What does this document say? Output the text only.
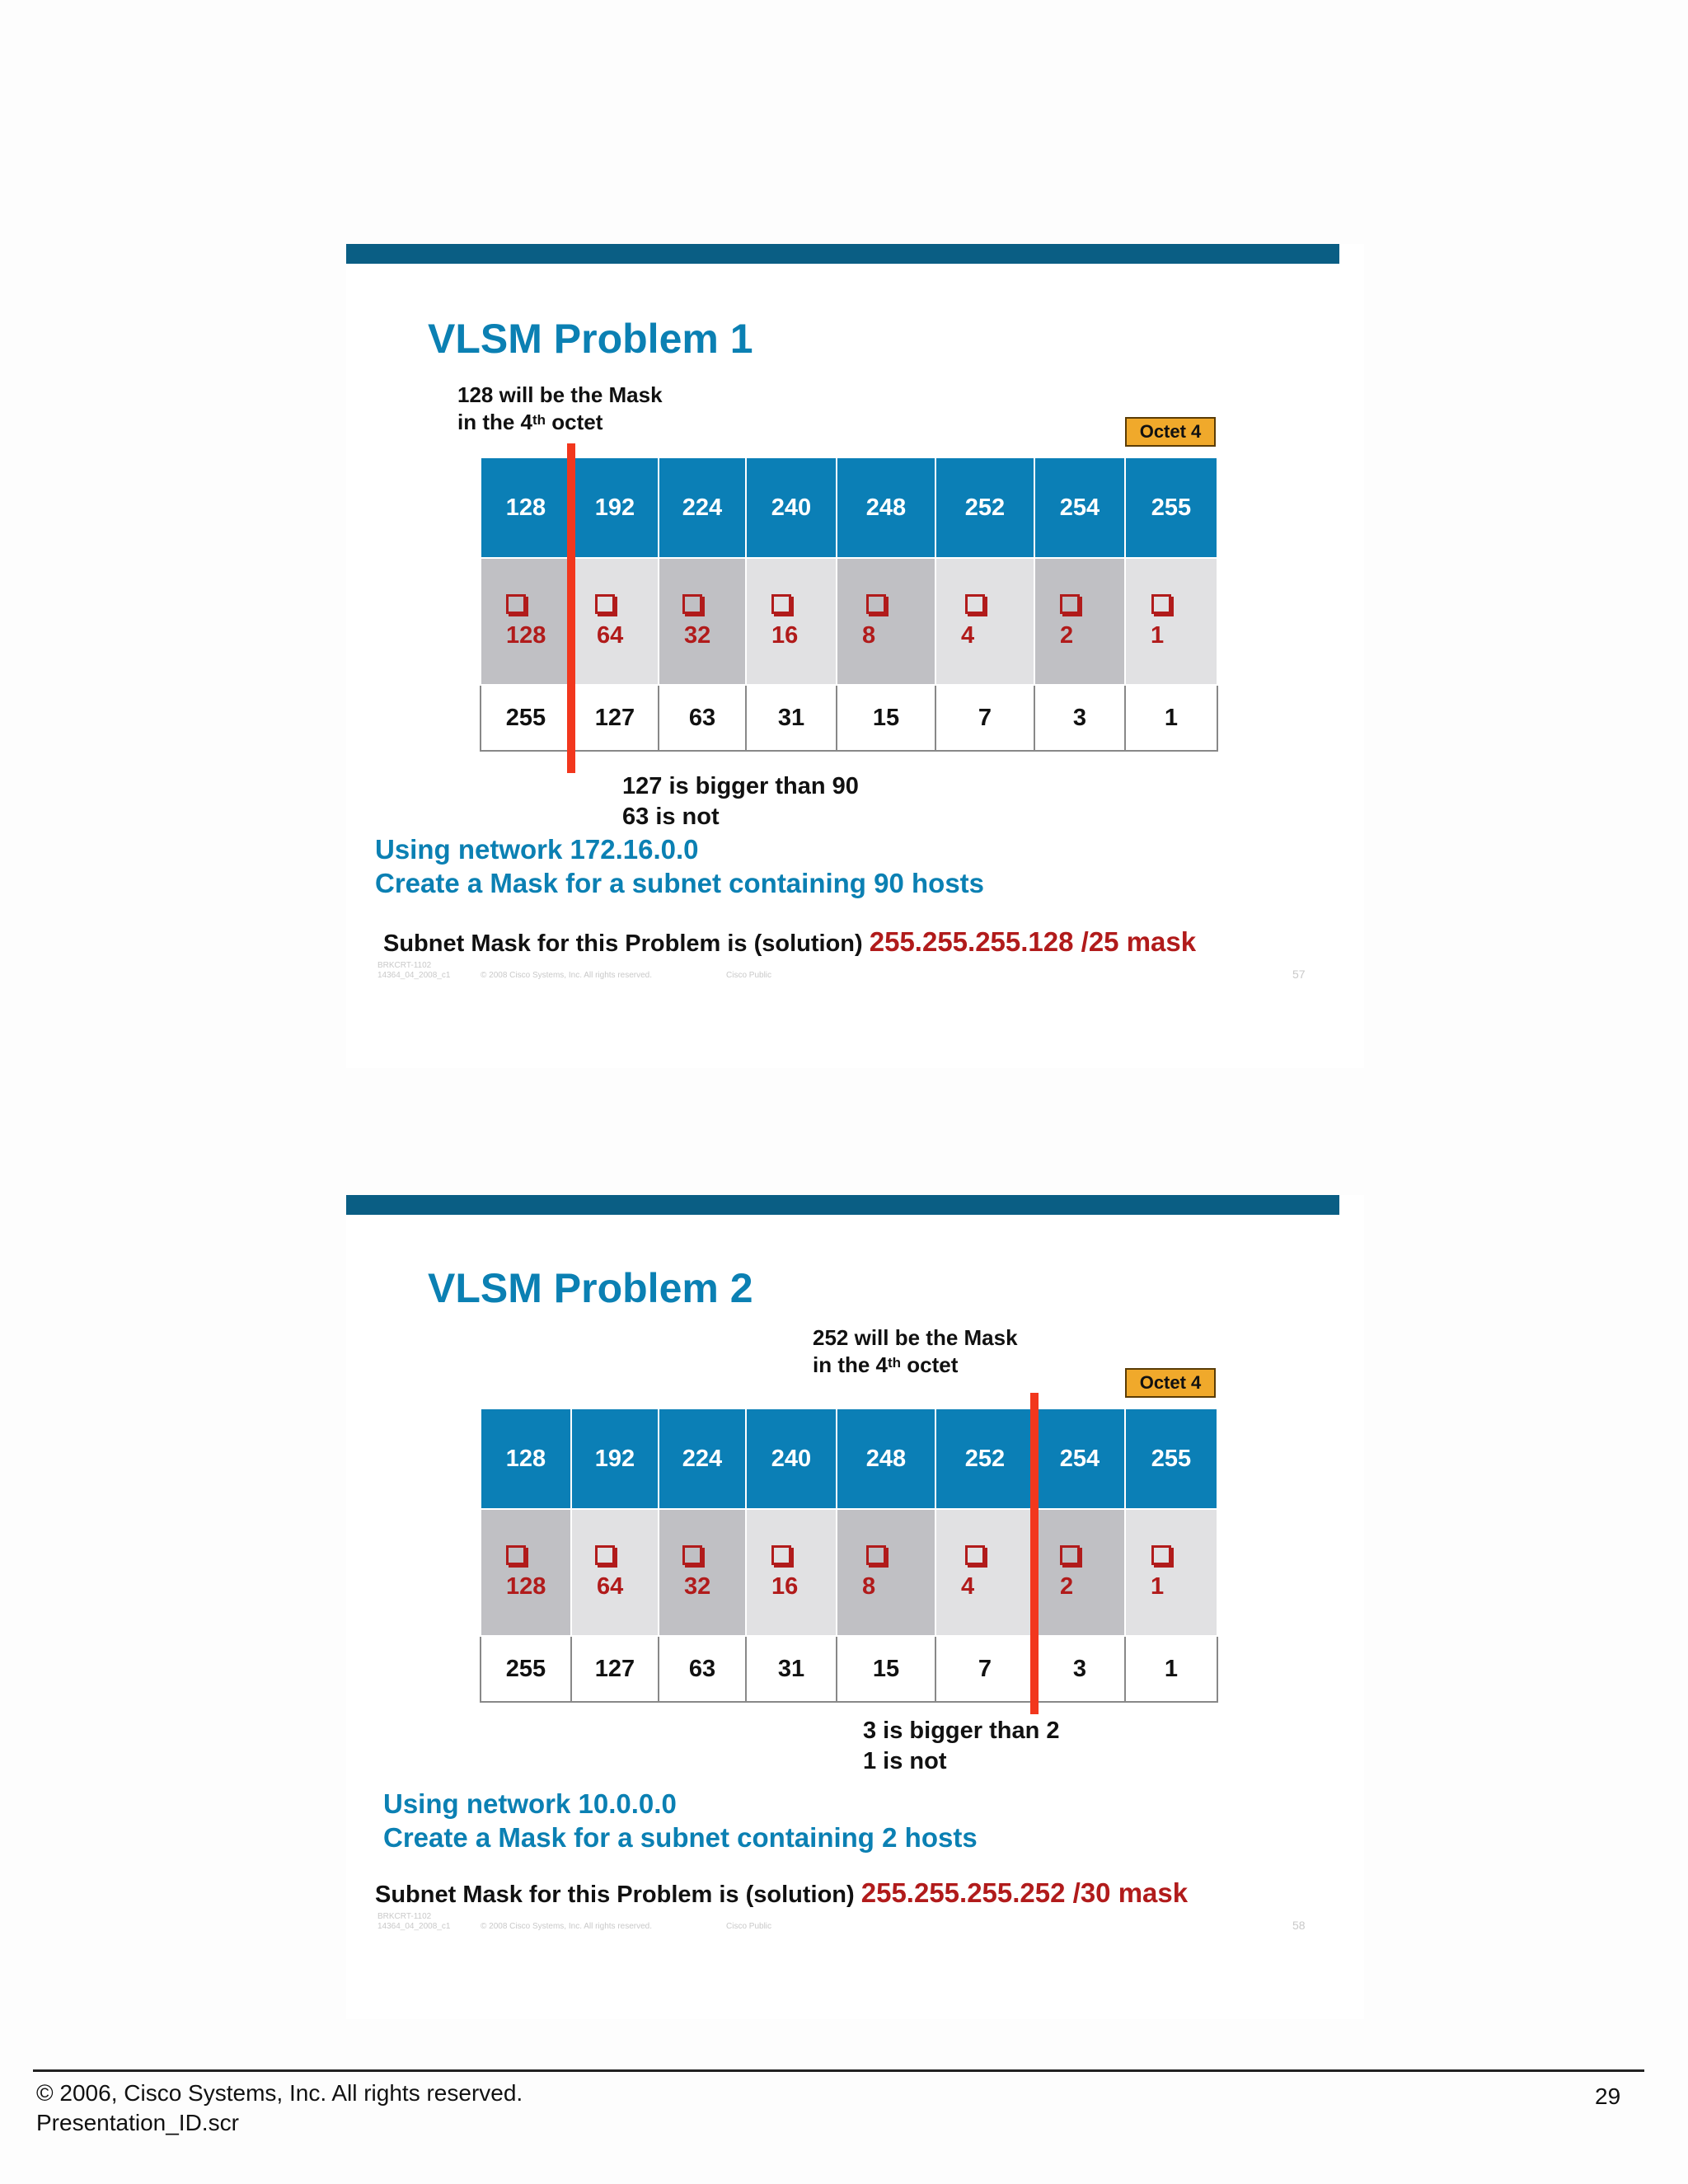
VLSM Problem 1
128 will be the Mask
in the 4th octet	Octet 4
128	192	224	240	248	252	254	255

128	64	32	16	8	4	2	1

255	127	63	31	15	7	3	1
127 is bigger than 90
63 is not
Using network 172.16.0.0
Create a Mask for a subnet containing 90 hosts
Subnet Mask for this Problem is (solution) 255.255.255.128 /25 mask
BRKCRT-1102
14364_04_2008_c1	© 2008 Cisco Systems, Inc. All rights reserved.	Cisco Public	57
VLSM Problem 2
252 will be the Mask
in the 4th octet
Octet 4
128	192	224	240	248	252	254	255

128	64	32	16	8	4	2	1

255	127	63	31	15	7	3	1
3 is bigger than 2
1 is not
Using network 10.0.0.0
Create a Mask for a subnet containing 2 hosts
Subnet Mask for this Problem is (solution) 255.255.255.252 /30 mask
BRKCRT-1102
14364_04_2008_c1	© 2008 Cisco Systems, Inc. All rights reserved.	Cisco Public	58
© 2006, Cisco Systems, Inc. All rights reserved.
Presentation_ID.scr
29
